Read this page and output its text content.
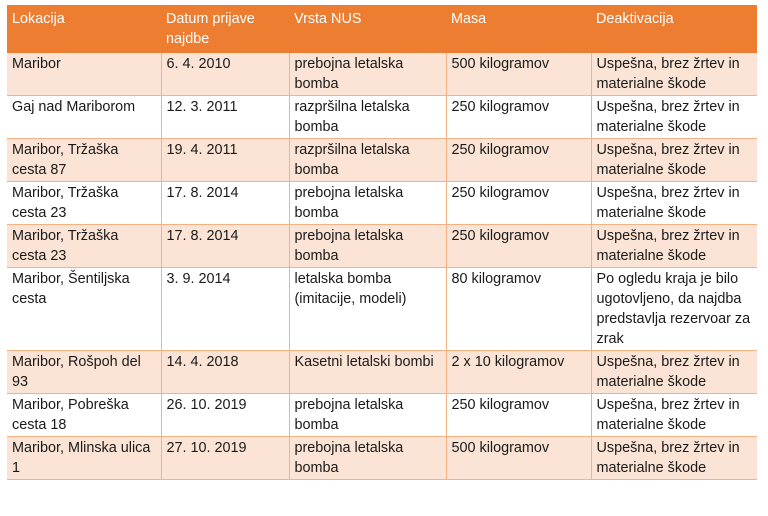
Lokacija	Datum prijave najdbe	Vrsta NUS	Masa	Deaktivacija
Maribor	6. 4. 2010	prebojna letalska bomba	500 kilogramov	Uspešna, brez žrtev in materialne škode
Gaj nad Mariborom	12. 3. 2011	razpršilna letalska bomba	250 kilogramov	Uspešna, brez žrtev in materialne škode
Maribor, Tržaška cesta 87	19. 4. 2011	razpršilna letalska bomba	250 kilogramov	Uspešna, brez žrtev in materialne škode
Maribor, Tržaška cesta 23	17. 8. 2014	prebojna letalska bomba	250 kilogramov	Uspešna, brez žrtev in materialne škode
Maribor, Tržaška cesta 23	17. 8. 2014	prebojna letalska bomba	250 kilogramov	Uspešna, brez žrtev in materialne škode
Maribor, Šentiljska cesta	3. 9. 2014	letalska bomba (imitacije, modeli)	80 kilogramov	Po ogledu kraja je bilo ugotovljeno, da najdba predstavlja rezervoar za zrak
Maribor, Rošpoh del 93	14. 4. 2018	Kasetni letalski bombi	2 x 10 kilogramov	Uspešna, brez žrtev in materialne škode
Maribor, Pobreška cesta 18	26. 10. 2019	prebojna letalska bomba	250 kilogramov	Uspešna, brez žrtev in materialne škode
Maribor, Mlinska ulica 1	27. 10. 2019	prebojna letalska bomba	500 kilogramov	Uspešna, brez žrtev in materialne škode
